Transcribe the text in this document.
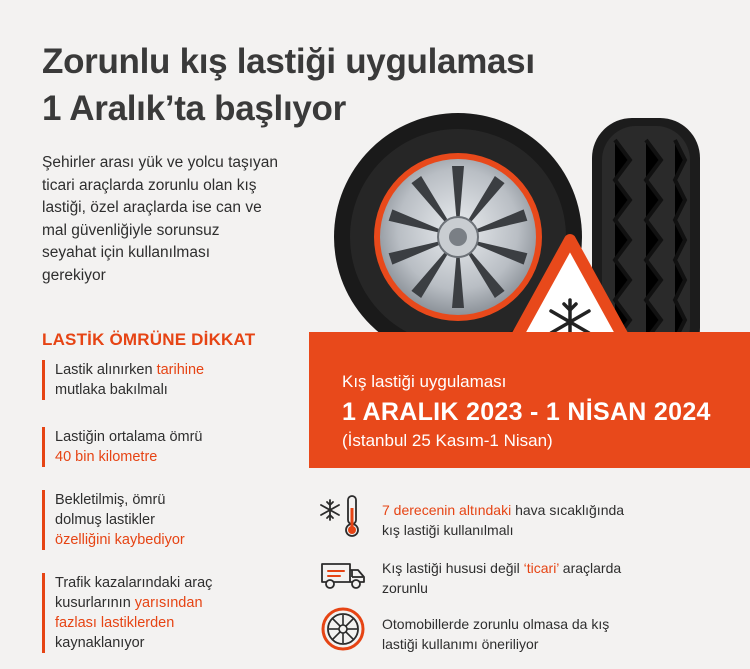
Zorunlu kış lastiği uygulaması
1 Aralık’ta başlıyor
Şehirler arası yük ve yolcu taşıyan
ticari araçlarda zorunlu olan kış
lastiği, özel araçlarda ise can ve
mal güvenliğiyle sorunsuz
seyahat için kullanılması
gerekiyor
LASTİK ÖMRÜNE DİKKAT
Lastik alınırken tarihine
mutlaka bakılmalı
Lastiğin ortalama ömrü
40 bin kilometre
Bekletilmiş, ömrü
dolmuş lastikler
özelliğini kaybediyor
Trafik kazalarındaki araç
kusurlarının yarısından
fazlası lastiklerden
kaynaklanıyor
Kış lastiği uygulaması
1 ARALIK 2023 - 1 NİSAN 2024
(İstanbul 25 Kasım-1 Nisan)
7 derecenin altındaki hava sıcaklığında
kış lastiği kullanılmalı
Kış lastiği hususi değil ‘ticari’ araçlarda
zorunlu
Otomobillerde zorunlu olmasa da kış
lastiği kullanımı öneriliyor
